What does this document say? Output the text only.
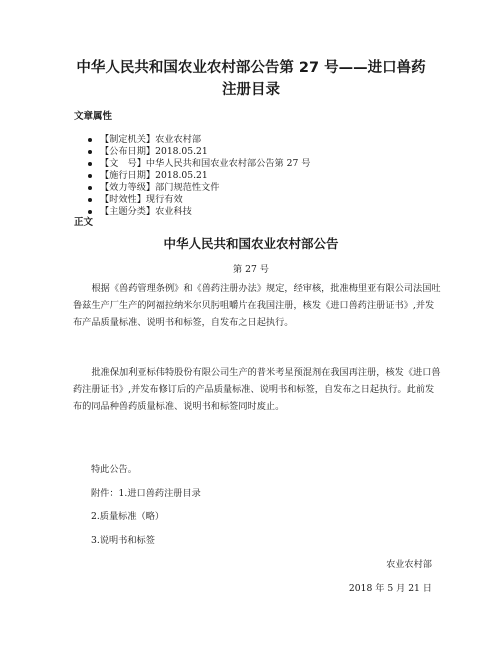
中华人民共和国农业农村部公告第 27 号——进口兽药
注册目录
文章属性
【制定机关】农业农村部
【公布日期】2018.05.21
【文　号】中华人民共和国农业农村部公告第 27 号
【施行日期】2018.05.21
【效力等级】部门规范性文件
【时效性】现行有效
【主题分类】农业科技
正文
中华人民共和国农业农村部公告
第 27 号

根据《兽药管理条例》和《兽药注册办法》规定，经审核，批准梅里亚有限公司法国吐鲁兹生产厂生产的阿福拉纳米尔贝肟咀嚼片在我国注册，核发《进口兽药注册证书》,并发布产品质量标准、说明书和标签，自发布之日起执行。

批准保加利亚标伟特股份有限公司生产的普米考星预混剂在我国再注册，核发《进口兽药注册证书》,并发布修订后的产品质量标准、说明书和标签，自发布之日起执行。此前发布的同品种兽药质量标准、说明书和标签同时废止。

特此公告。
附件：1.进口兽药注册目录
2.质量标准（略）
3.说明书和标签
农业农村部
2018 年 5 月 21 日
